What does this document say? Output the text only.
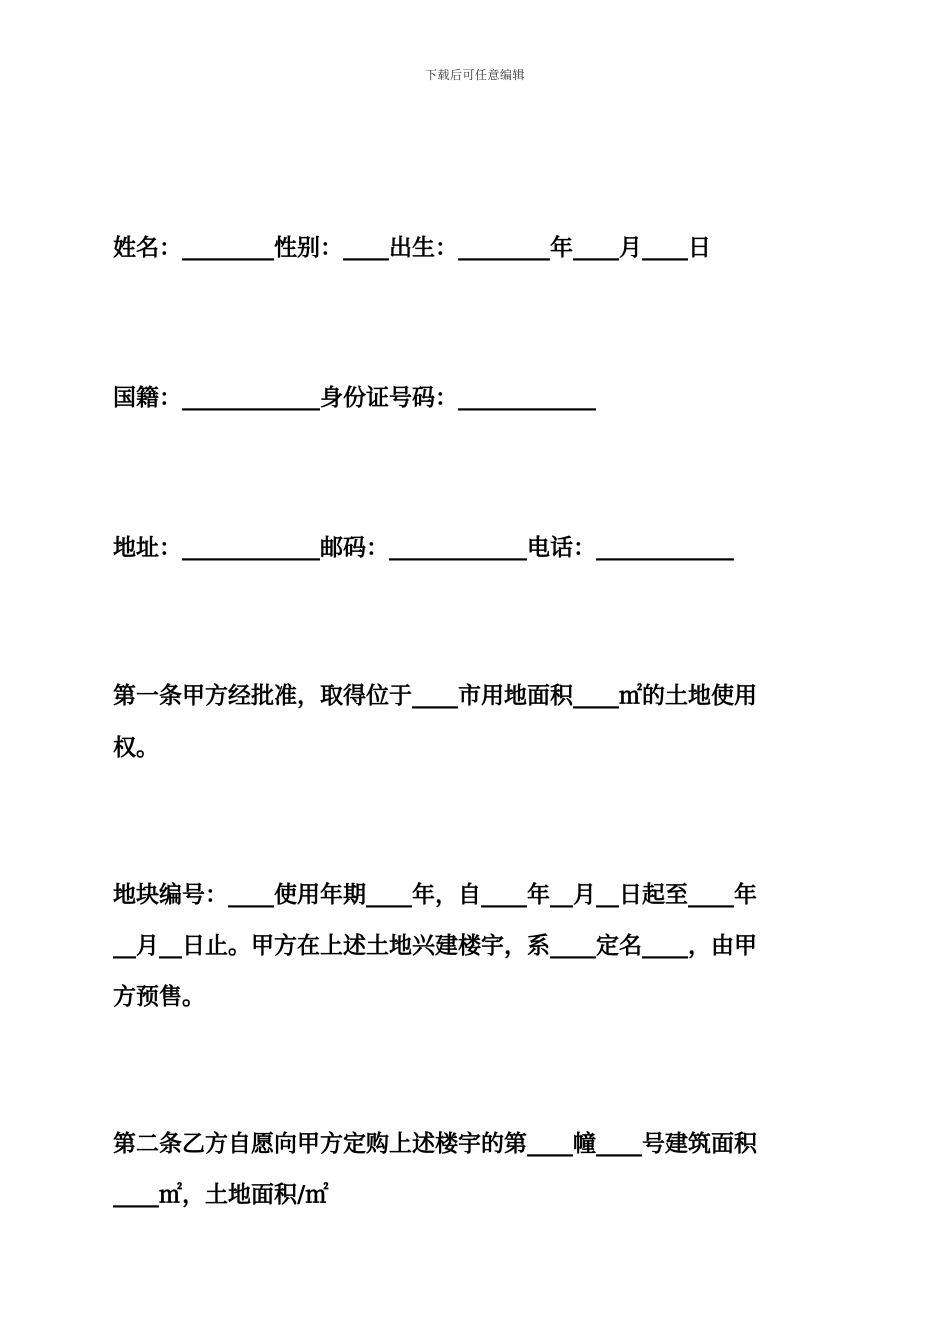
下载后可任意编辑
姓名：________性别：____出生：________年____月____日
国籍：____________身份证号码：____________
地址：____________邮码：____________电话：____________
第一条甲方经批准，取得位于____市用地面积____㎡的土地使用
权。
地块编号：____使用年期____年，自____年__月__日起至____年
__月__日止。甲方在上述土地兴建楼宇，系____定名____，由甲
方预售。
第二条乙方自愿向甲方定购上述楼宇的第____幢____号建筑面积
____㎡，土地面积/㎡
